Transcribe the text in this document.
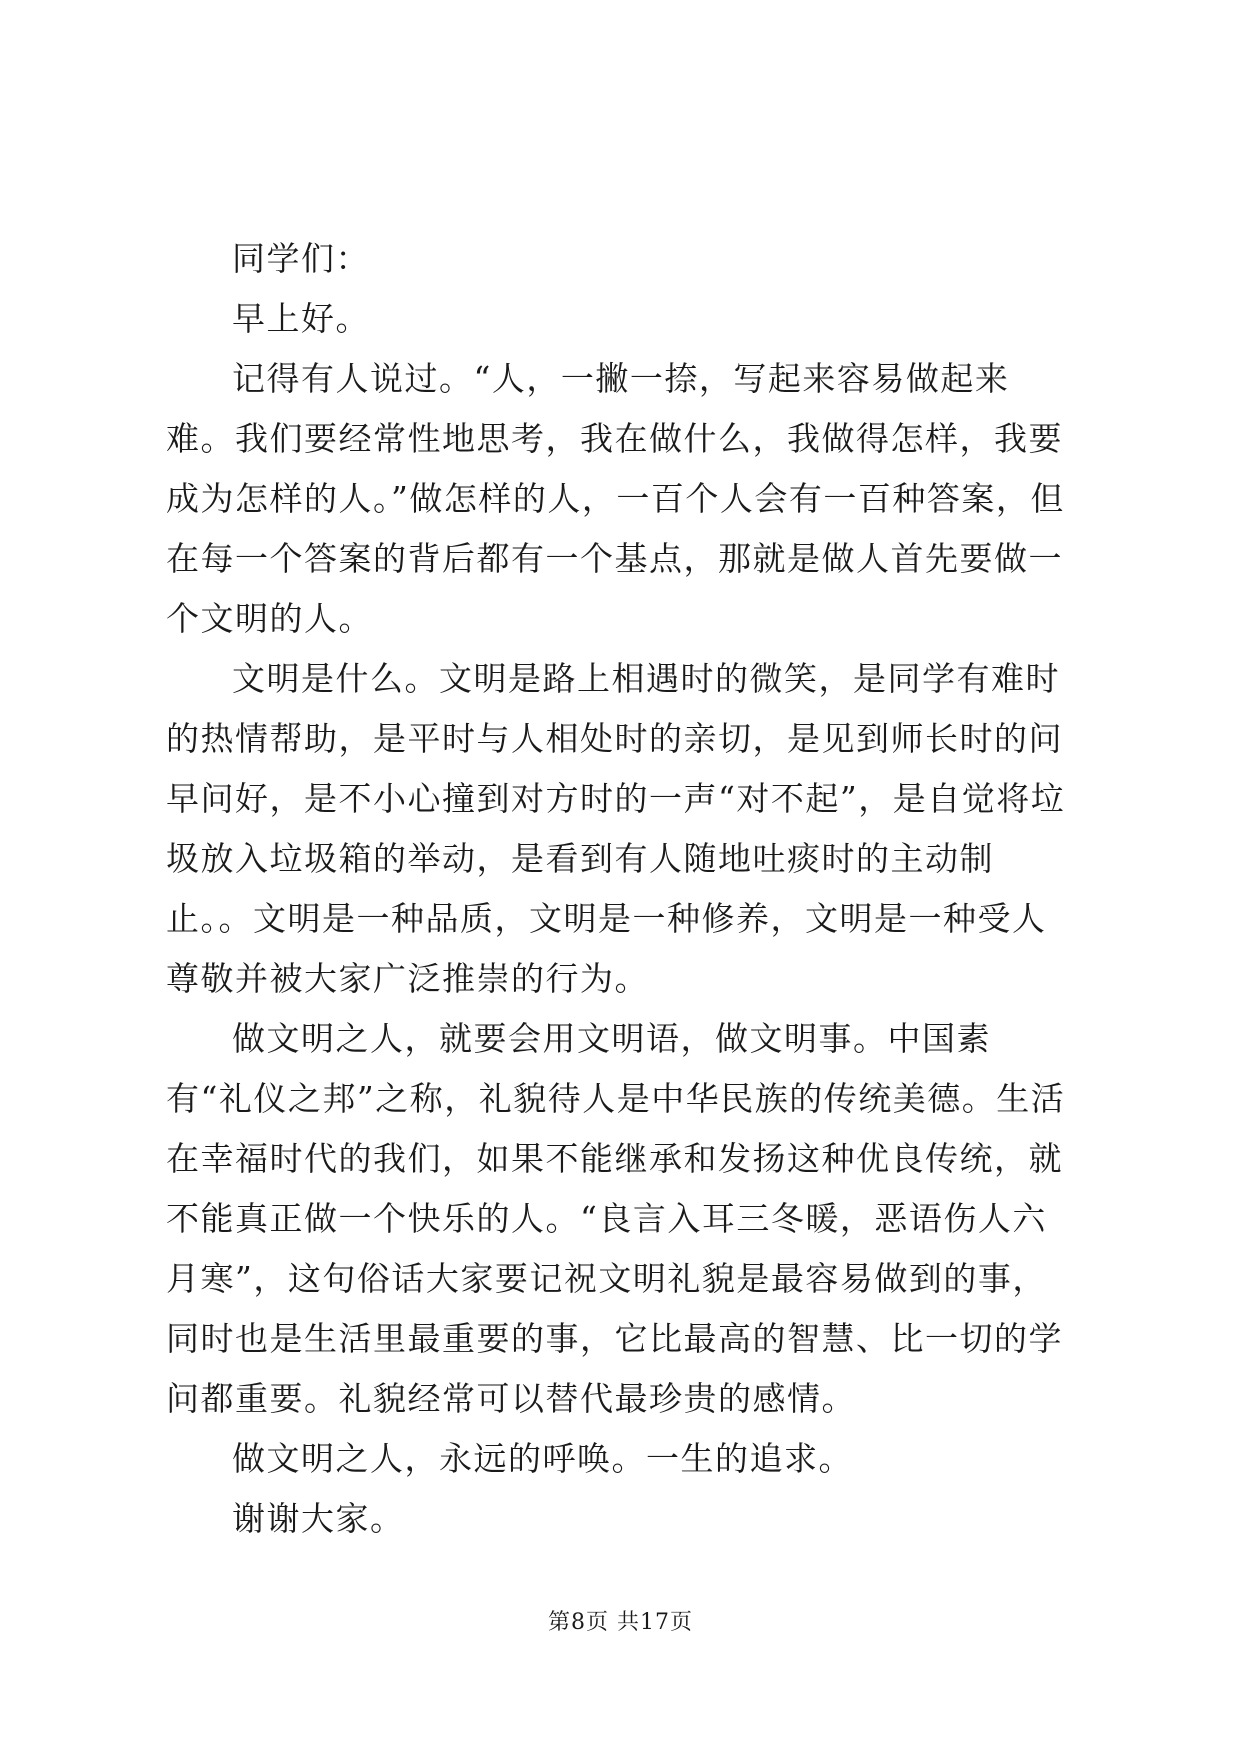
同学们：

早上好。

记得有人说过。“人，一撇一捺，写起来容易做起来难。我们要经常性地思考，我在做什么，我做得怎样，我要成为怎样的人。”做怎样的人，一百个人会有一百种答案，但在每一个答案的背后都有一个基点，那就是做人首先要做一个文明的人。

文明是什么。文明是路上相遇时的微笑，是同学有难时的热情帮助，是平时与人相处时的亲切，是见到师长时的问早问好，是不小心撞到对方时的一声“对不起”，是自觉将垃圾放入垃圾箱的举动，是看到有人随地吐痰时的主动制止。。文明是一种品质，文明是一种修养，文明是一种受人尊敬并被大家广泛推崇的行为。

做文明之人，就要会用文明语，做文明事。中国素有“礼仪之邦”之称，礼貌待人是中华民族的传统美德。生活在幸福时代的我们，如果不能继承和发扬这种优良传统，就不能真正做一个快乐的人。“良言入耳三冬暖，恶语伤人六月寒”，这句俗话大家要记祝文明礼貌是最容易做到的事，同时也是生活里最重要的事，它比最高的智慧、比一切的学问都重要。礼貌经常可以替代最珍贵的感情。

做文明之人，永远的呼唤。一生的追求。

谢谢大家。

第8页 共17页
